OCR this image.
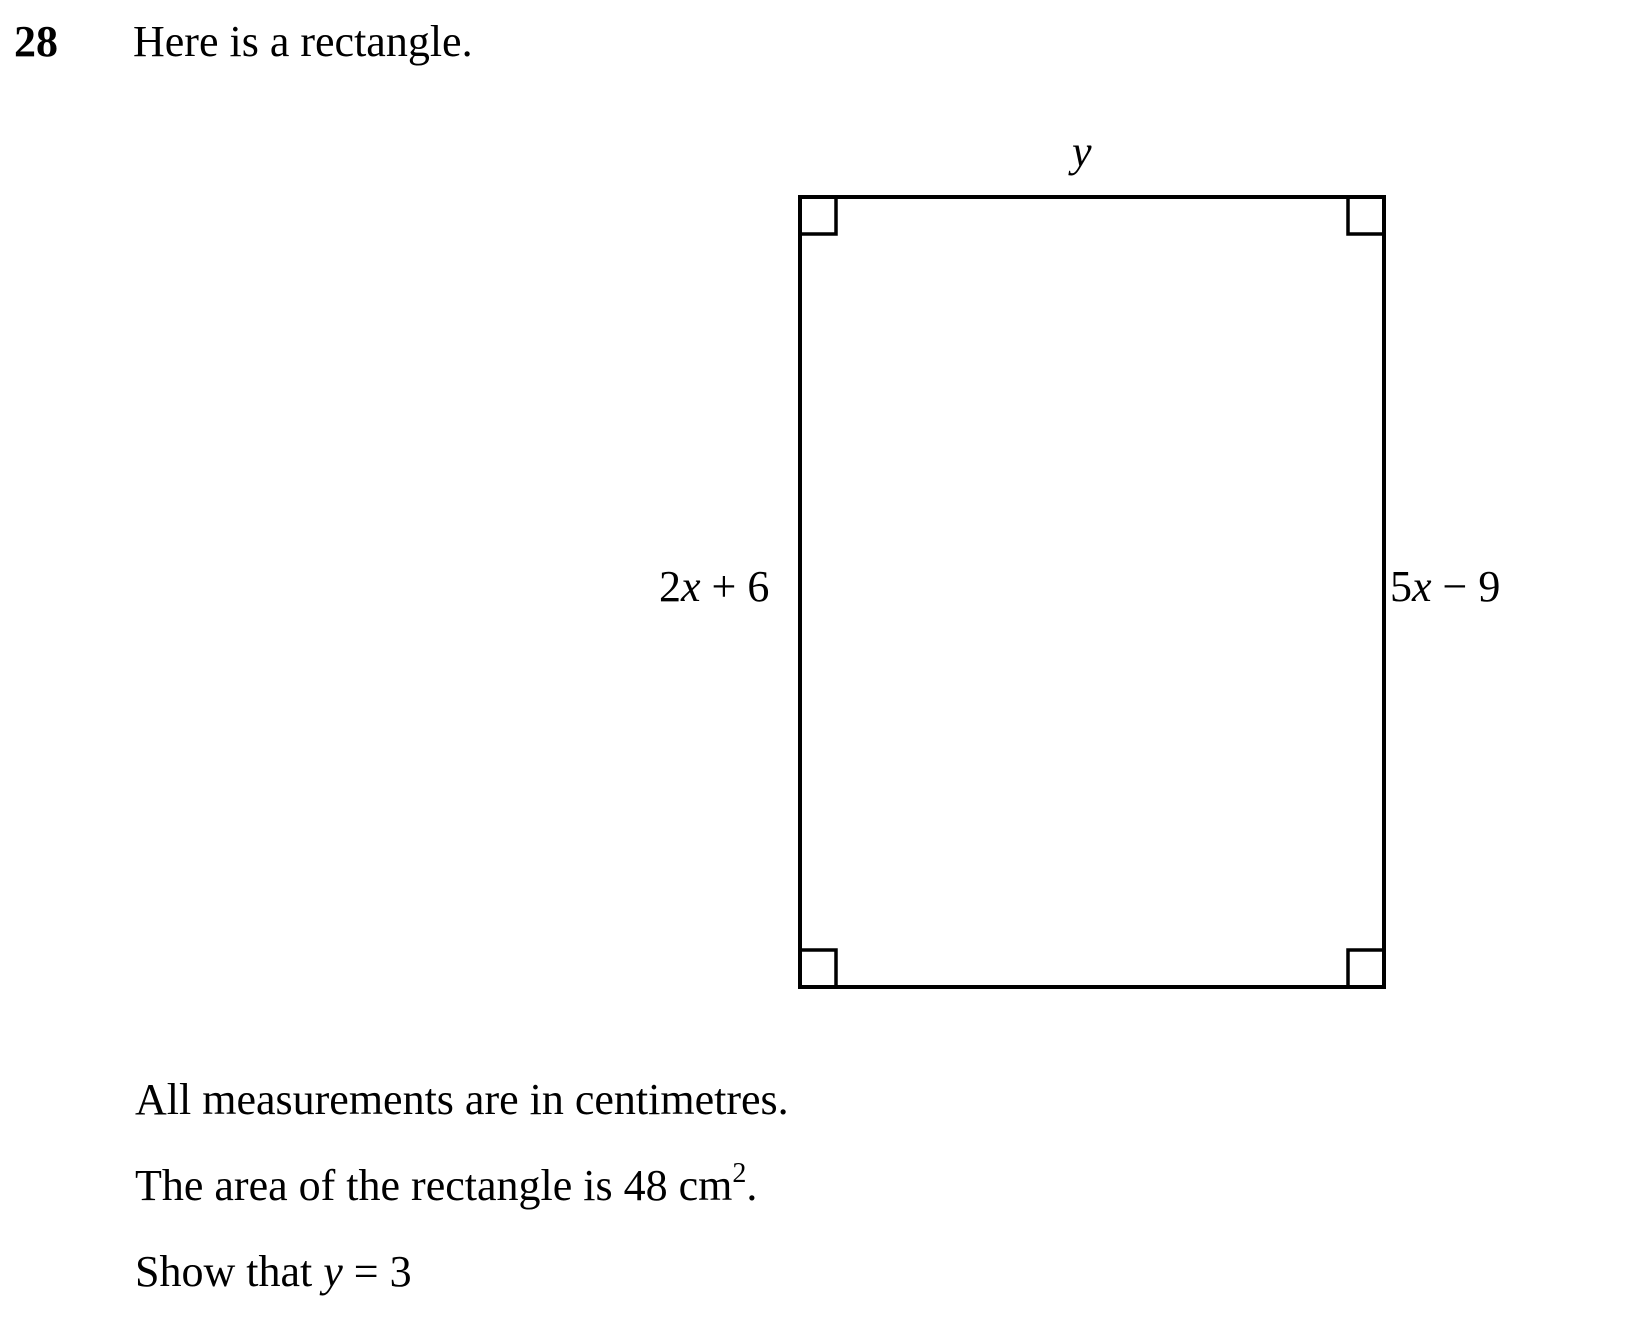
28 Here is a rectangle.
y
2x + 6	5x − 9
All measurements are in centimetres.
The area of the rectangle is 48 $cm^2$.
Show that y = 3
